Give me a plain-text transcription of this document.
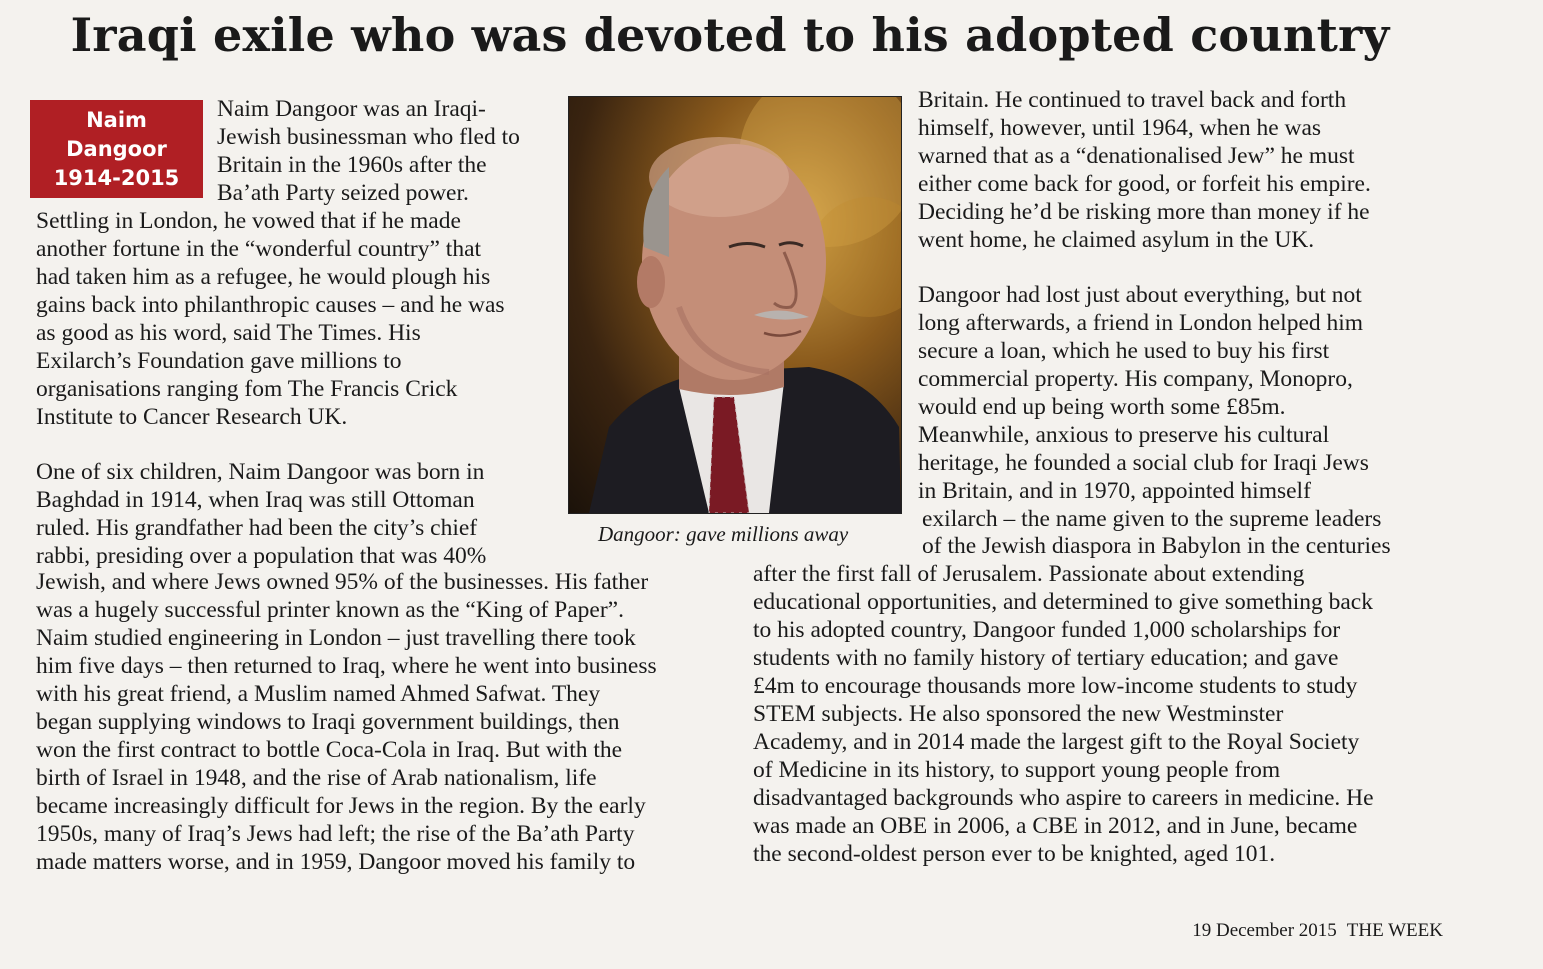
Iraqi exile who was devoted to his adopted country
Naim
Dangoor
1914-2015
Naim Dangoor was an Iraqi-
Jewish businessman who fled to
Britain in the 1960s after the
Ba’ath Party seized power.
Settling in London, he vowed that if he made
another fortune in the “wonderful country” that
had taken him as a refugee, he would plough his
gains back into philanthropic causes – and he was
as good as his word, said The Times. His
Exilarch’s Foundation gave millions to
organisations ranging fom The Francis Crick
Institute to Cancer Research UK.
One of six children, Naim Dangoor was born in
Baghdad in 1914, when Iraq was still Ottoman
ruled. His grandfather had been the city’s chief
rabbi, presiding over a population that was 40%
Jewish, and where Jews owned 95% of the businesses. His father
was a hugely successful printer known as the “King of Paper”.
Naim studied engineering in London – just travelling there took
him five days – then returned to Iraq, where he went into business
with his great friend, a Muslim named Ahmed Safwat. They
began supplying windows to Iraqi government buildings, then
won the first contract to bottle Coca-Cola in Iraq. But with the
birth of Israel in 1948, and the rise of Arab nationalism, life
became increasingly difficult for Jews in the region. By the early
1950s, many of Iraq’s Jews had left; the rise of the Ba’ath Party
made matters worse, and in 1959, Dangoor moved his family to
Dangoor: gave millions away
Britain. He continued to travel back and forth
himself, however, until 1964, when he was
warned that as a “denationalised Jew” he must
either come back for good, or forfeit his empire.
Deciding he’d be risking more than money if he
went home, he claimed asylum in the UK.
Dangoor had lost just about everything, but not
long afterwards, a friend in London helped him
secure a loan, which he used to buy his first
commercial property. His company, Monopro,
would end up being worth some £85m.
Meanwhile, anxious to preserve his cultural
heritage, he founded a social club for Iraqi Jews
in Britain, and in 1970, appointed himself
exilarch – the name given to the supreme leaders
of the Jewish diaspora in Babylon in the centuries
after the first fall of Jerusalem. Passionate about extending
educational opportunities, and determined to give something back
to his adopted country, Dangoor funded 1,000 scholarships for
students with no family history of tertiary education; and gave
£4m to encourage thousands more low-income students to study
STEM subjects. He also sponsored the new Westminster
Academy, and in 2014 made the largest gift to the Royal Society
of Medicine in its history, to support young people from
disadvantaged backgrounds who aspire to careers in medicine. He
was made an OBE in 2006, a CBE in 2012, and in June, became
the second-oldest person ever to be knighted, aged 101.
19 December 2015 THE WEEK
